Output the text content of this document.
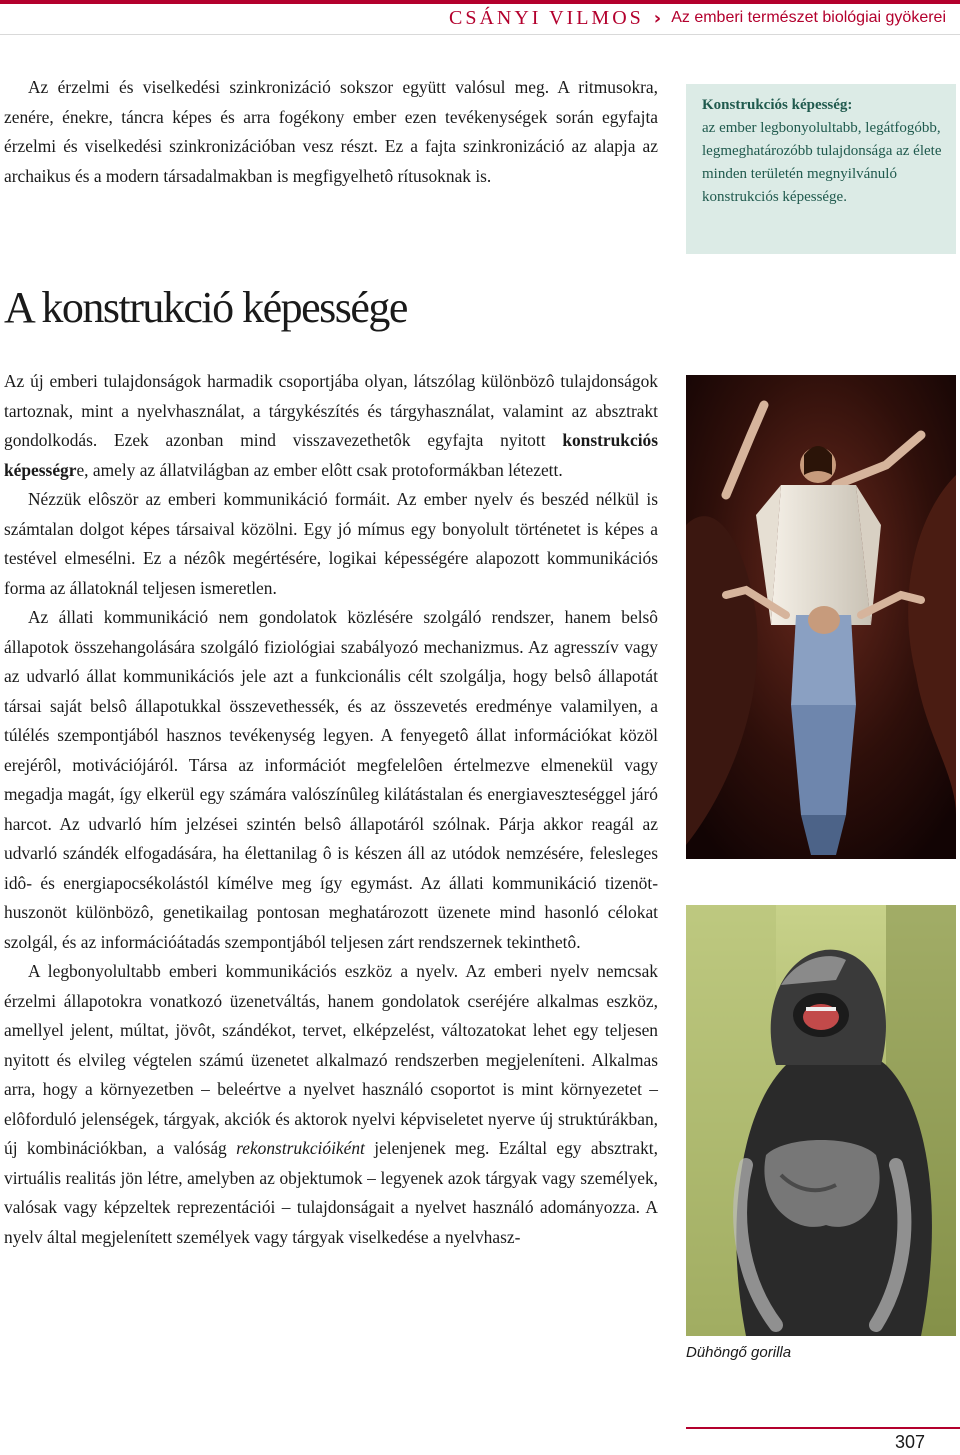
CSÁNYI VILMOS › Az emberi természet biológiai gyökerei

Az érzelmi és viselkedési szinkronizáció sokszor együtt valósul meg. A ritmusokra, zenére, énekre, táncra képes és arra fogékony ember ezen tevékenységek során egyfajta érzelmi és viselkedési szinkronizációban vesz részt. Ez a fajta szinkronizáció az alapja az archaikus és a modern társadalmakban is megfigyelhetô rítusoknak is.

Konstrukciós képesség:
az ember legbonyolultabb, legátfogóbb, legmeghatározóbb tulajdonsága az élete minden területén megnyilvánuló konstrukciós képessége.
A konstrukció képessége

Az új emberi tulajdonságok harmadik csoportjába olyan, látszólag különbözô tulajdonságok tartoznak, mint a nyelvhasználat, a tárgykészítés és tárgyhasználat, valamint az absztrakt gondolkodás. Ezek azonban mind visszavezethetôk egyfajta nyitott konstrukciós képességre, amely az állatvilágban az ember elôtt csak protoformákban létezett.

Nézzük elôször az emberi kommunikáció formáit. Az ember nyelv és beszéd nélkül is számtalan dolgot képes társaival közölni. Egy jó mímus egy bonyolult történetet is képes a testével elmesélni. Ez a nézôk megértésére, logikai képességére alapozott kommunikációs forma az állatoknál teljesen ismeretlen.

Az állati kommunikáció nem gondolatok közlésére szolgáló rendszer, hanem belsô állapotok összehangolására szolgáló fiziológiai szabályozó mechanizmus. Az agresszív vagy az udvarló állat kommunikációs jele azt a funkcionális célt szolgálja, hogy belsô állapotát társai saját belsô állapotukkal összevethessék, és az összevetés eredménye valamilyen, a túlélés szempontjából hasznos tevékenység legyen. A fenyegetô állat információkat közöl erejérôl, motivációjáról. Társa az információt megfelelôen értelmezve elmenekül vagy megadja magát, így elkerül egy számára valószínûleg kilátástalan és energiaveszteséggel járó harcot. Az udvarló hím jelzései szintén belsô állapotáról szólnak. Párja akkor reagál az udvarló szándék elfogadására, ha élettanilag ô is készen áll az utódok nemzésére, felesleges idô- és energiapocsékolástól kímélve meg így egymást. Az állati kommunikáció tizenöt-huszonöt különbözô, genetikailag pontosan meghatározott üzenete mind hasonló célokat szolgál, és az információátadás szempontjából teljesen zárt rendszernek tekinthetô.

A legbonyolultabb emberi kommunikációs eszköz a nyelv. Az emberi nyelv nemcsak érzelmi állapotokra vonatkozó üzenetváltás, hanem gondolatok cseréjére alkalmas eszköz, amellyel jelent, múltat, jövôt, szándékot, tervet, elképzelést, változatokat lehet egy teljesen nyitott és elvileg végtelen számú üzenetet alkalmazó rendszerben megjeleníteni. Alkalmas arra, hogy a környezetben – beleértve a nyelvet használó csoportot is mint környezetet – elôforduló jelenségek, tárgyak, akciók és aktorok nyelvi képviseletet nyerve új struktúrákban, új kombinációkban, a valóság rekonstrukcióiként jelenjenek meg. Ezáltal egy absztrakt, virtuális realitás jön létre, amelyben az objektumok – legyenek azok tárgyak vagy személyek, valósak vagy képzeltek reprezentációi – tulajdonságait a nyelvet használó adományozza. A nyelv által megjelenített személyek vagy tárgyak viselkedése a nyelvhasz-

Dühöngő gorilla
307
